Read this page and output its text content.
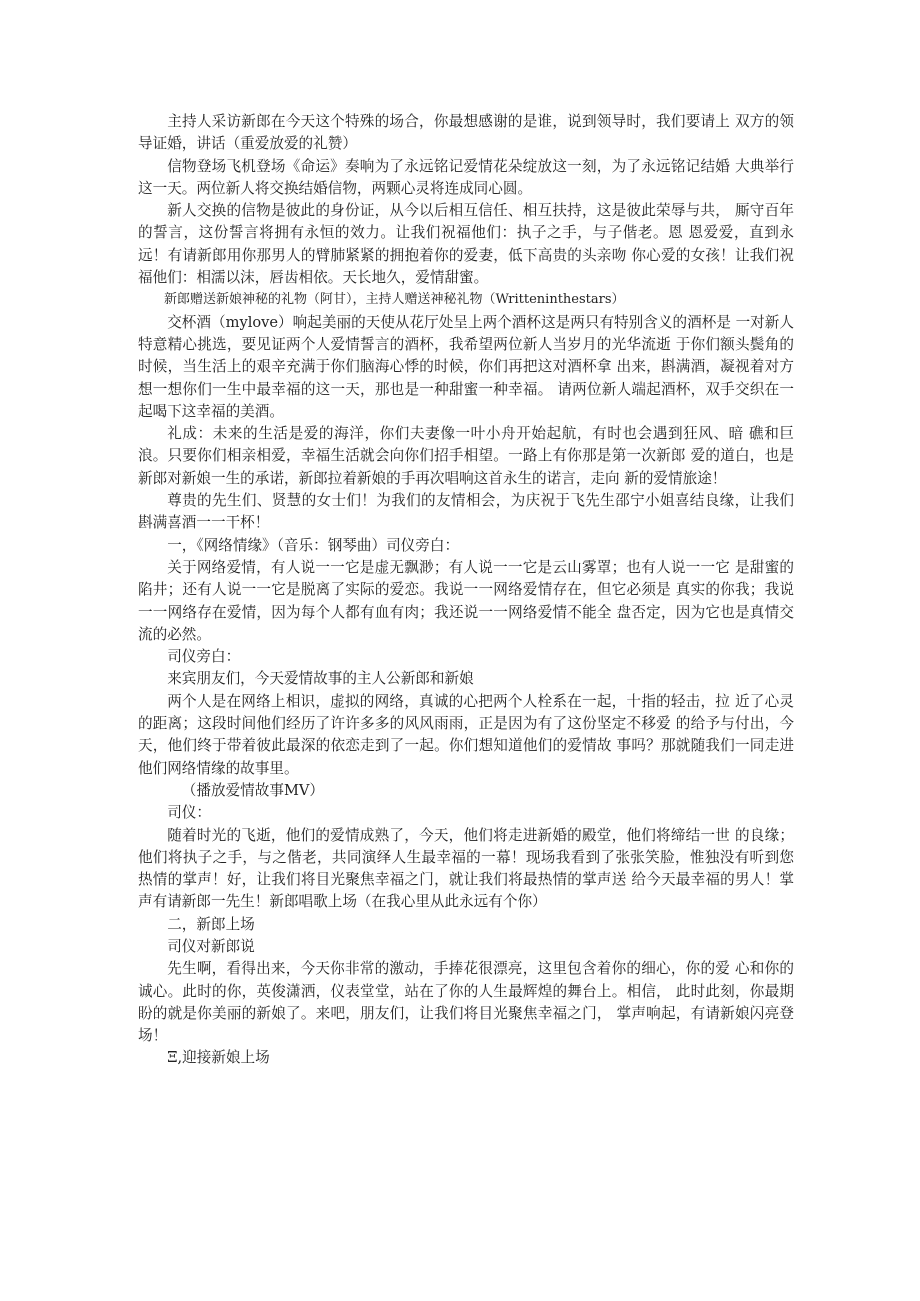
主持人采访新郎在今天这个特殊的场合，你最想感谢的是谁，说到领导时，我们要请上 双方的领导证婚，讲话（重爱放爱的礼赞）

信物登场飞机登场《命运》奏响为了永远铭记爱情花朵绽放这一刻，为了永远铭记结婚 大典举行这一天。两位新人将交换结婚信物，两颗心灵将连成同心圆。

新人交换的信物是彼此的身份证，从今以后相互信任、相互扶持，这是彼此荣辱与共， 厮守百年的誓言，这份誓言将拥有永恒的效力。让我们祝福他们：执子之手，与子偕老。恩 恩爱爱，直到永远！有请新郎用你那男人的臂肺紧紧的拥抱着你的爱妻，低下高贵的头亲吻 你心爱的女孩！让我们祝福他们：相濡以沫，唇齿相依。天长地久，爱情甜蜜。

新郎赠送新娘神秘的礼物（阿甘），主持人赠送神秘礼物（Writteninthestars）

交杯酒（mylove）响起美丽的天使从花厅处呈上两个酒杯这是两只有特别含义的酒杯是 一对新人特意精心挑选，要见证两个人爱情誓言的酒杯，我希望两位新人当岁月的光华流逝 于你们额头鬓角的时候，当生活上的艰辛充满于你们脑海心悸的时候，你们再把这对酒杯拿 出来，斟满酒，凝视着对方想一想你们一生中最幸福的这一天，那也是一种甜蜜一种幸福。 请两位新人端起酒杯，双手交织在一起喝下这幸福的美酒。

礼成：未来的生活是爱的海洋，你们夫妻像一叶小舟开始起航，有时也会遇到狂风、暗 礁和巨浪。只要你们相亲相爱，幸福生活就会向你们招手相望。一路上有你那是第一次新郎 爱的道白，也是新郎对新娘一生的承诺，新郎拉着新娘的手再次唱响这首永生的诺言，走向 新的爱情旅途！

尊贵的先生们、贤慧的女士们！为我们的友情相会，为庆祝于飞先生邵宁小姐喜结良缘，让我们斟满喜酒一一干杯！

一，《网络情缘》（音乐：钢琴曲）司仪旁白：

关于网络爱情，有人说一一它是虚无飘渺；有人说一一它是云山雾罩；也有人说一一它 是甜蜜的陷井；还有人说一一它是脱离了实际的爱恋。我说一一网络爱情存在，但它必须是 真实的你我；我说一一网络存在爱情，因为每个人都有血有肉；我还说一一网络爱情不能全 盘否定，因为它也是真情交流的必然。

司仪旁白：

来宾朋友们，今天爱情故事的主人公新郎和新娘

两个人是在网络上相识，虚拟的网络，真诚的心把两个人栓系在一起，十指的轻击，拉 近了心灵的距离；这段时间他们经历了许许多多的风风雨雨，正是因为有了这份坚定不移爱 的给予与付出，今天，他们终于带着彼此最深的依恋走到了一起。你们想知道他们的爱情故 事吗？那就随我们一同走进他们网络情缘的故事里。

（播放爱情故事MV）

司仪：

随着时光的飞逝，他们的爱情成熟了，今天，他们将走进新婚的殿堂，他们将缔结一世 的良缘；他们将执子之手，与之偕老，共同演绎人生最幸福的一幕！现场我看到了张张笑脸，惟独没有听到您热情的掌声！好，让我们将目光聚焦幸福之门，就让我们将最热情的掌声送 给今天最幸福的男人！掌声有请新郎一先生！新郎唱歌上场（在我心里从此永远有个你）

二，新郎上场

司仪对新郎说

先生啊，看得出来，今天你非常的激动，手捧花很漂亮，这里包含着你的细心，你的爱 心和你的诚心。此时的你，英俊潇洒，仪表堂堂，站在了你的人生最辉煌的舞台上。相信， 此时此刻，你最期盼的就是你美丽的新娘了。来吧，朋友们，让我们将目光聚焦幸福之门， 掌声响起，有请新娘闪亮登场！

Ξ,迎接新娘上场
